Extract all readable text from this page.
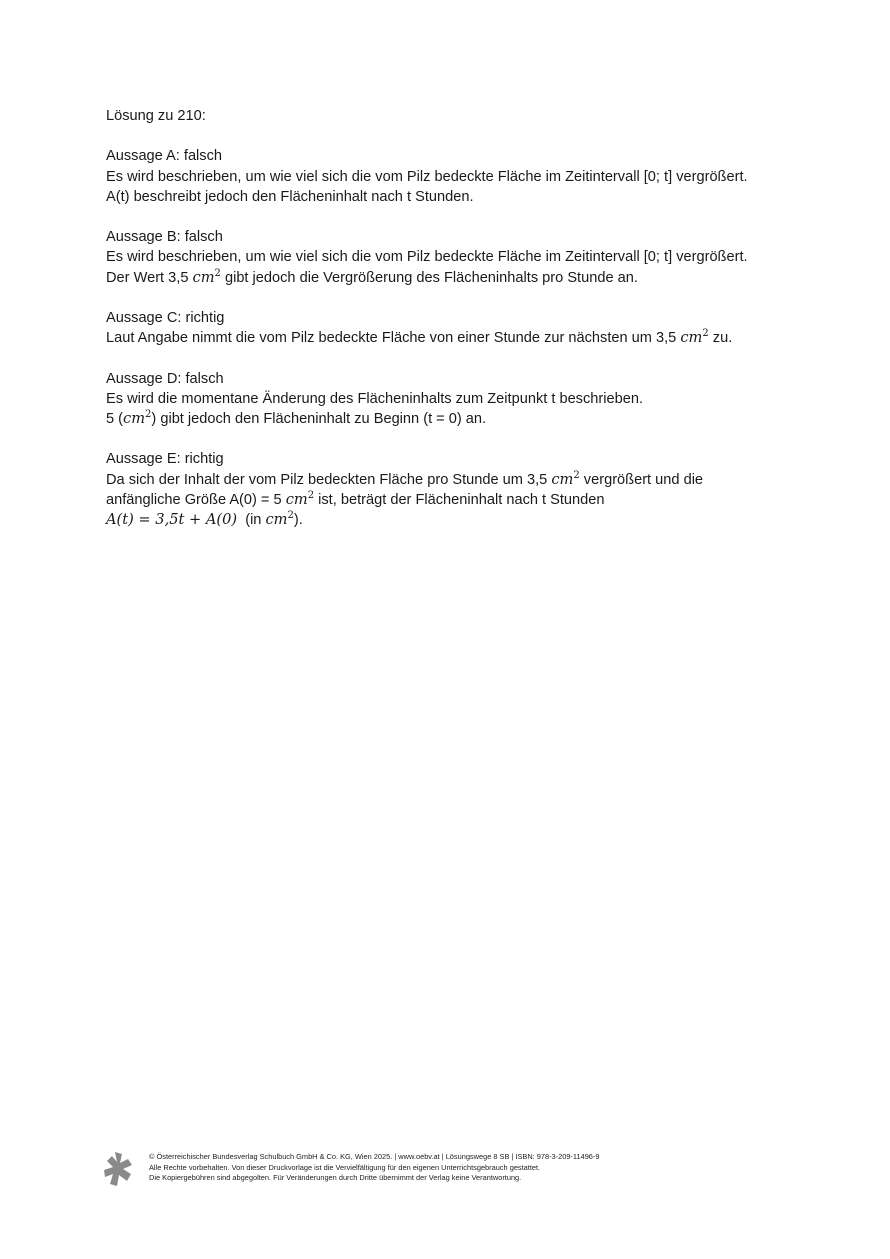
Lösung zu 210:
Aussage A: falsch
Es wird beschrieben, um wie viel sich die vom Pilz bedeckte Fläche im Zeitintervall [0; t] vergrößert.
A(t) beschreibt jedoch den Flächeninhalt nach t Stunden.
Aussage B: falsch
Es wird beschrieben, um wie viel sich die vom Pilz bedeckte Fläche im Zeitintervall [0; t] vergrößert.
Der Wert 3,5 $cm^2$ gibt jedoch die Vergrößerung des Flächeninhalts pro Stunde an.
Aussage C: richtig
Laut Angabe nimmt die vom Pilz bedeckte Fläche von einer Stunde zur nächsten um 3,5 $cm^2$ zu.
Aussage D: falsch
Es wird die momentane Änderung des Flächeninhalts zum Zeitpunkt t beschrieben.
5 $(cm^2)$ gibt jedoch den Flächeninhalt zu Beginn (t = 0) an.
Aussage E: richtig
Da sich der Inhalt der vom Pilz bedeckten Fläche pro Stunde um 3,5 $cm^2$ vergrößert und die
anfängliche Größe A(0) = 5 $cm^2$ ist, beträgt der Flächeninhalt nach t Stunden
A(t) = 3,5t + A(0)  (in $cm^2$).
© Österreichischer Bundesverlag Schulbuch GmbH & Co. KG, Wien 2025. | www.oebv.at | Lösungswege 8 SB | ISBN: 978-3-209-11496-9
Alle Rechte vorbehalten. Von dieser Druckvorlage ist die Vervielfältigung für den eigenen Unterrichtsgebrauch gestattet.
Die Kopiergebühren sind abgegolten. Für Veränderungen durch Dritte übernimmt der Verlag keine Verantwortung.
